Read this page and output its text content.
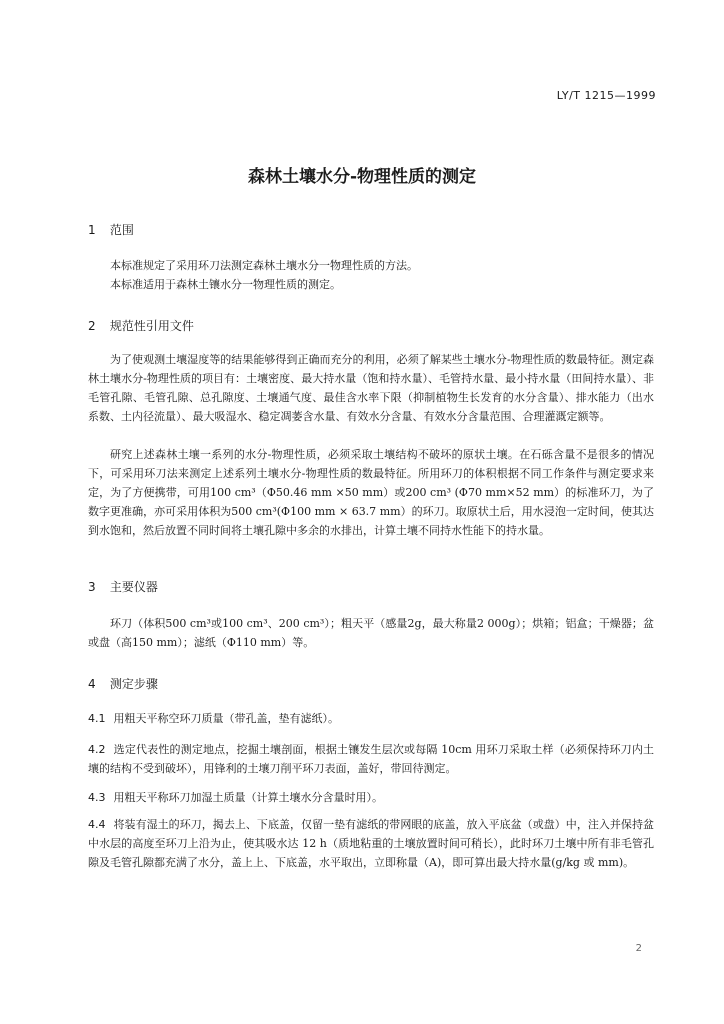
LY/T 1215—1999
森林土壤水分-物理性质的测定
1 范围
本标准规定了采用环刀法测定森林土壤水分一物理性质的方法。
本标准适用于森林土镶水分一物理性质的测定。
2 规范性引用文件

为了使观测土壤湿度等的结果能够得到正确而充分的利用，必须了解某些土壤水分-物理性质的数最特征。测定森林土壤水分-物理性质的项目有：土壤密度、最大持水量（饱和持水量）、毛管持水量、最小持水量（田间持水量）、非毛管孔隙、毛管孔隙、总孔隙度、土壤通气度、最佳含水率下限（抑制植物生长发育的水分含量）、排水能力（出水系数、土内径流量）、最大吸湿水、稳定凋萎含水量、有效水分含量、有效水分含量范围、合理灌溉定额等。

研究上述森林土壤一系列的水分-物理性质，必须采取土壤结构不破坏的原状土壤。在石砾含量不是很多的情况下，可采用环刀法来测定上述系列土壤水分-物理性质的数最特征。所用环刀的体积根据不同工作条件与测定要求来定，为了方便携带，可用100 cm³（Φ50.46 mm ×50 mm）或200 cm³ (Φ70 mm×52 mm）的标准环刀，为了数字更准确，亦可采用体积为500 cm³(Φ100 mm × 63.7 mm）的环刀。取原状土后，用水浸泡一定时间，使其达到水饱和，然后放置不同时间将土壤孔隙中多余的水排出，计算土壤不同持水性能下的持水量。

3 主要仪器

环刀（体积500 cm³或100 cm³、200 cm³）；粗天平（感量2g，最大称量2 000g）；烘箱；铝盒；干燥器；盆或盘（高150 mm）；滤纸（Φ110 mm）等。

4 测定步骤

4.1 用粗天平称空环刀质量（带孔盖，垫有滤纸）。

4.2 选定代表性的测定地点，挖掘土壤剖面，根据土镶发生层次或每隔 10cm 用环刀采取土样（必须保持环刀内土壤的结构不受到破坏），用锋利的土壤刀削平环刀表面，盖好，带回待测定。

4.3 用粗天平称环刀加湿土质量（计算土壤水分含量时用）。

4.4 将装有湿土的环刀，揭去上、下底盖，仅留一垫有滤纸的带网眼的底盖，放入平底盆（或盘）中，注入并保持盆中水层的高度至环刀上沿为止，使其吸水达 12 h（质地粘重的土壤放置时间可稍长），此时环刀土壤中所有非毛管孔隙及毛管孔隙都充满了水分，盖上上、下底盖，水平取出，立即称量（A)，即可算出最大持水量(g/kg 或 mm)。

2
